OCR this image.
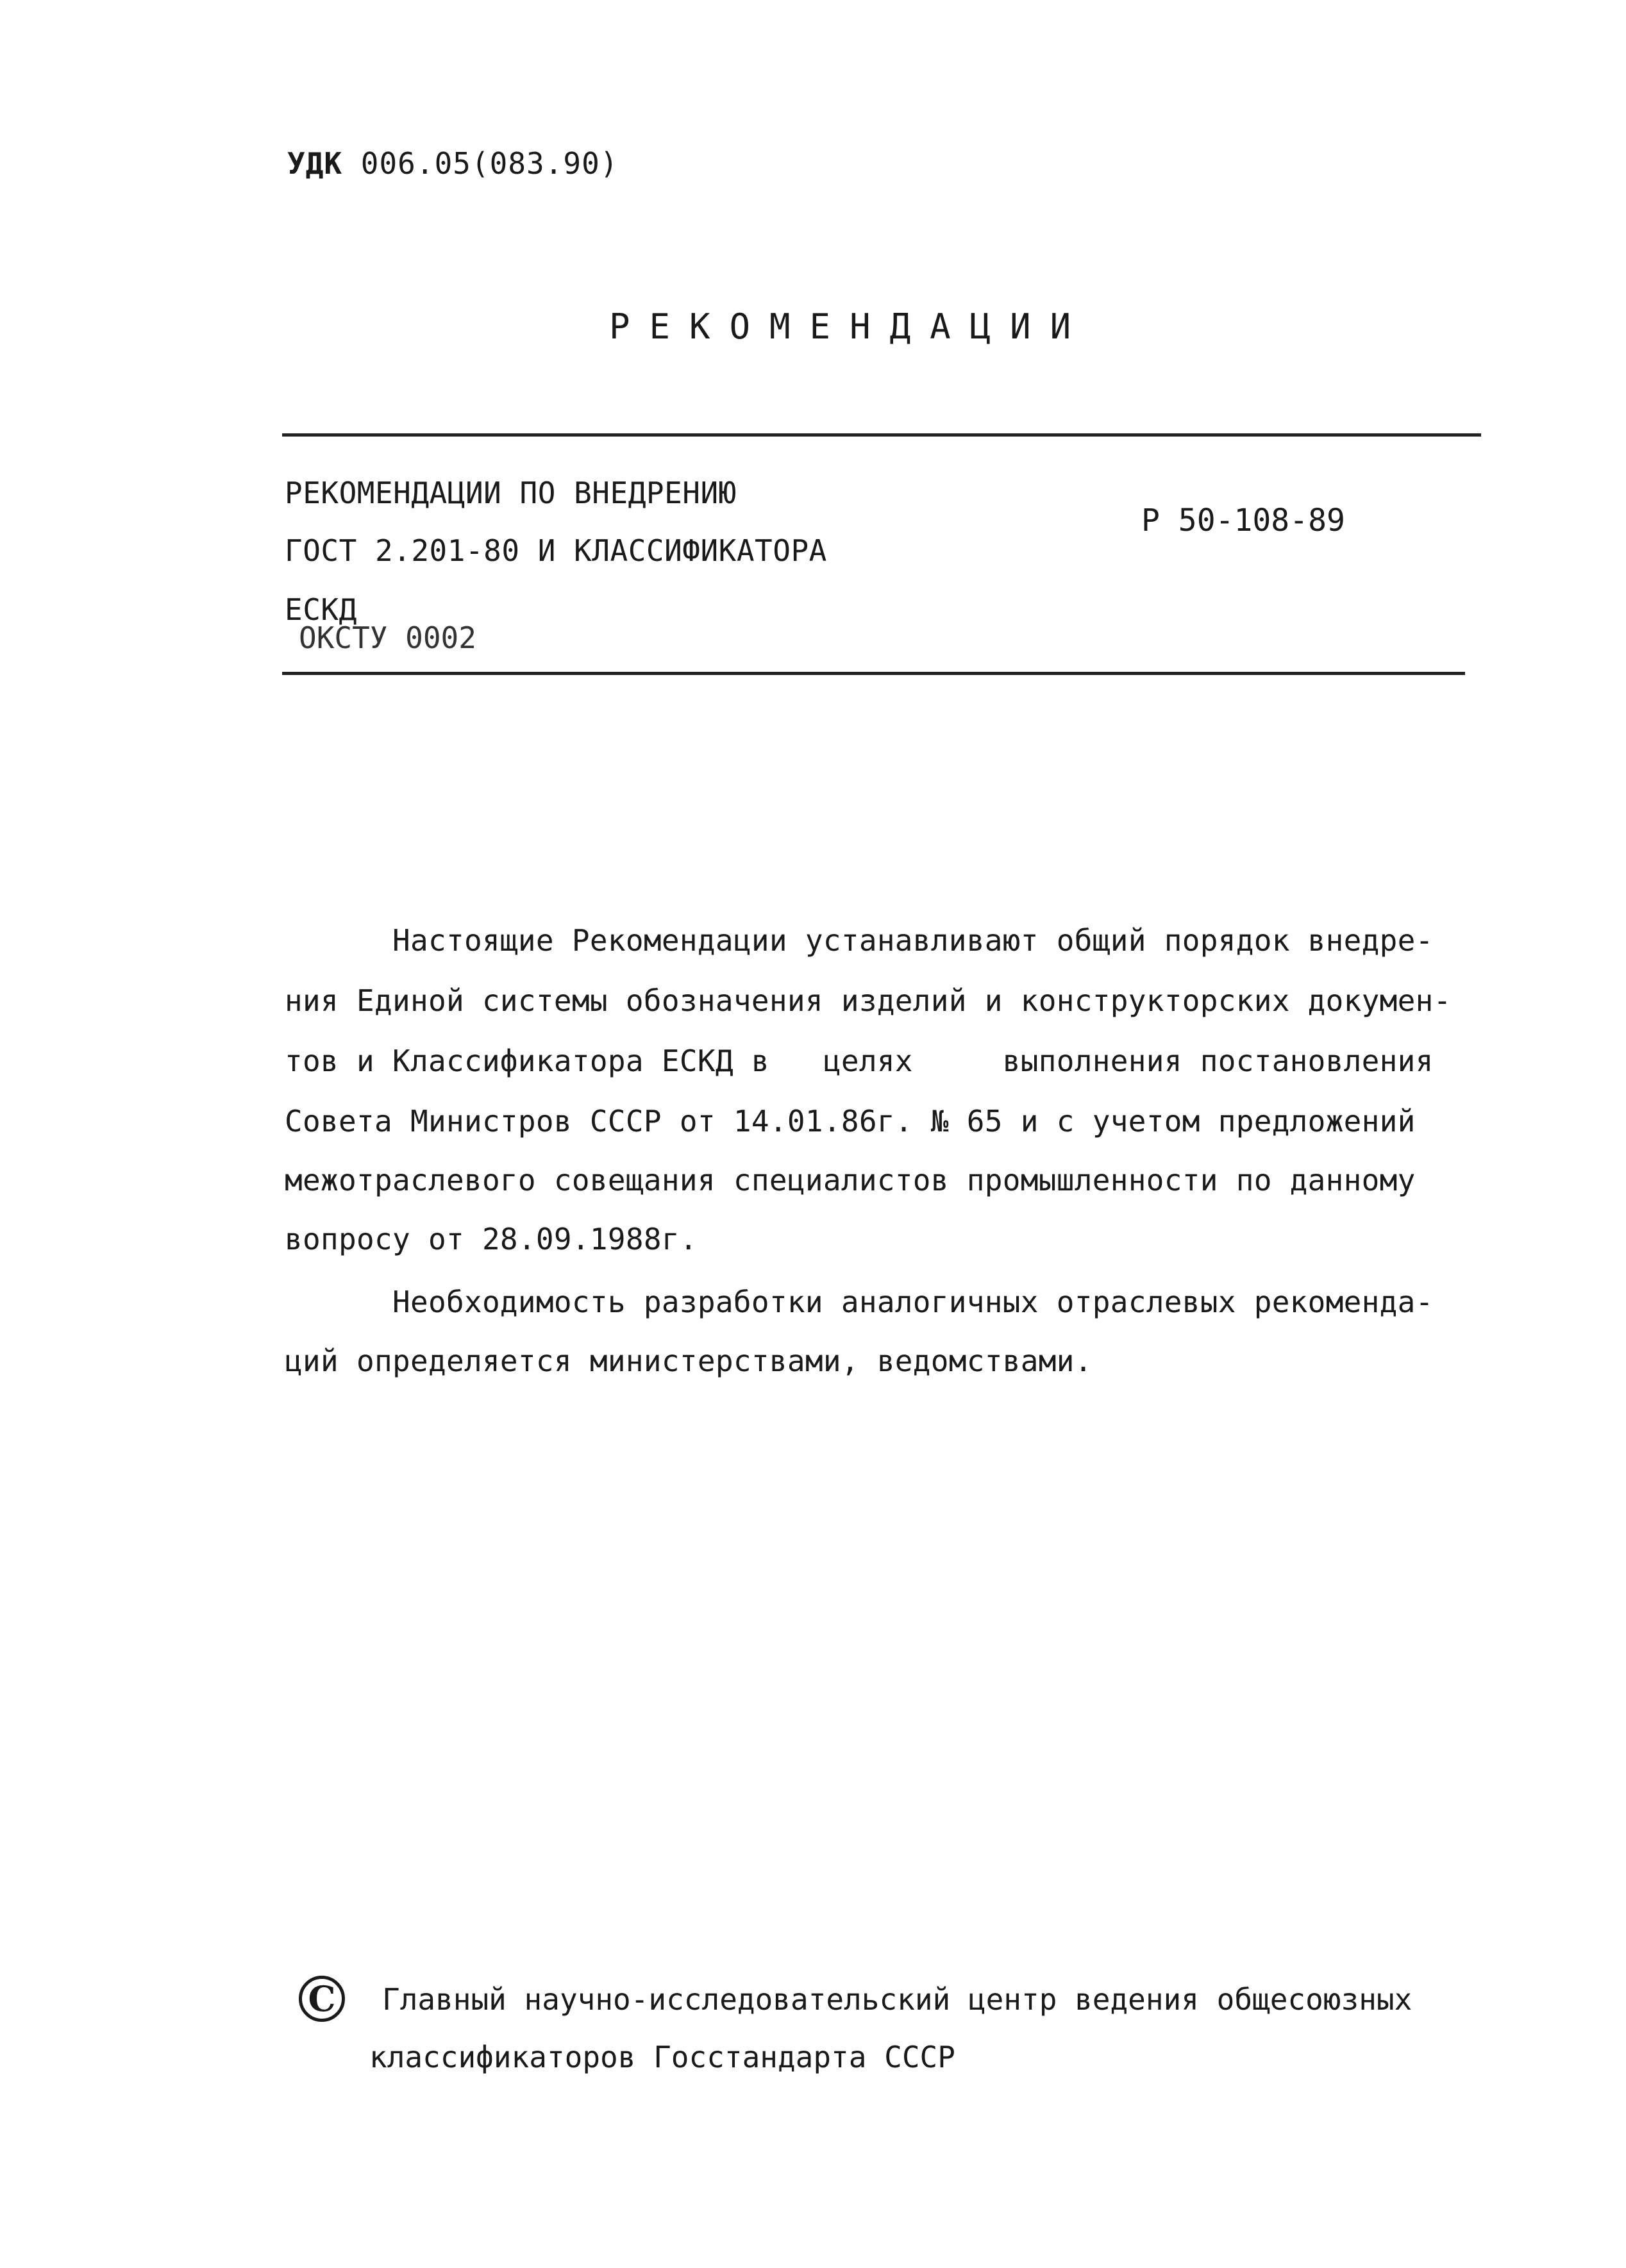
УДК 006.05(083.90)
РЕКОМЕНДАЦИИ
РЕКОМЕНДАЦИИ ПО ВНЕДРЕНИЮ
ГОСТ 2.201-80 И КЛАССИФИКАТОРА
ЕСКД
ОКСТУ 0002
Р 50-108-89
Настоящие Рекомендации устанавливают общий порядок внедре-
ния Единой системы обозначения изделий и конструкторских докумен-
тов и Классификатора ЕСКД в   целях     выполнения постановления
Совета Министров СССР от 14.01.86г. № 65 и с учетом предложений
межотраслевого совещания специалистов промышленности по данному
вопросу от 28.09.1988г.
Необходимость разработки аналогичных отраслевых рекоменда-
ций определяется министерствами, ведомствами.
C	Главный научно-исследовательский центр ведения общесоюзных
классификаторов Госстандарта СССР
